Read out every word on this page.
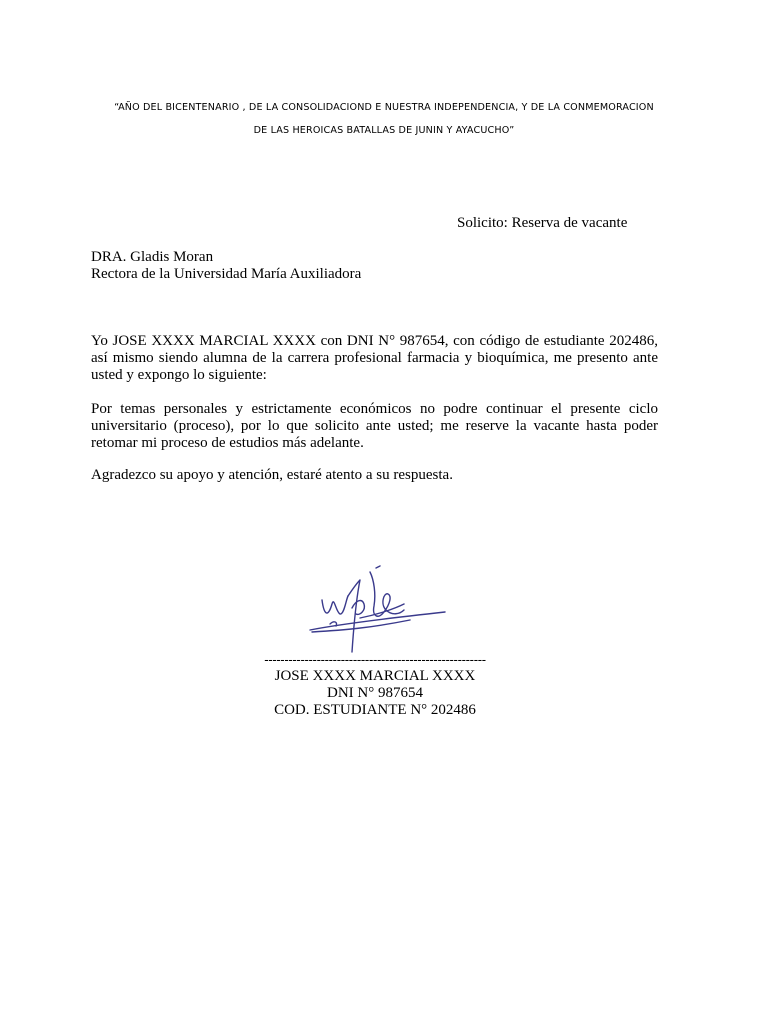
“AÑO DEL BICENTENARIO , DE LA CONSOLIDACIOND E NUESTRA INDEPENDENCIA, Y DE LA CONMEMORACION
DE LAS HEROICAS BATALLAS DE JUNIN Y AYACUCHO”
Solicito: Reserva de vacante
DRA. Gladis Moran
Rectora de la Universidad María Auxiliadora
Yo JOSE XXXX MARCIAL XXXX con DNI N° 987654, con código de estudiante 202486, así mismo siendo alumna de la carrera profesional farmacia y bioquímica, me presento ante usted y expongo lo siguiente:
Por temas personales y estrictamente económicos no podre continuar el presente ciclo universitario (proceso), por lo que solicito ante usted; me reserve la vacante hasta poder retomar mi proceso de estudios más adelante.
Agradezco su apoyo y atención, estaré atento a su respuesta.
-------------------------------------------------------
JOSE XXXX MARCIAL XXXX
DNI N° 987654
COD. ESTUDIANTE N° 202486
